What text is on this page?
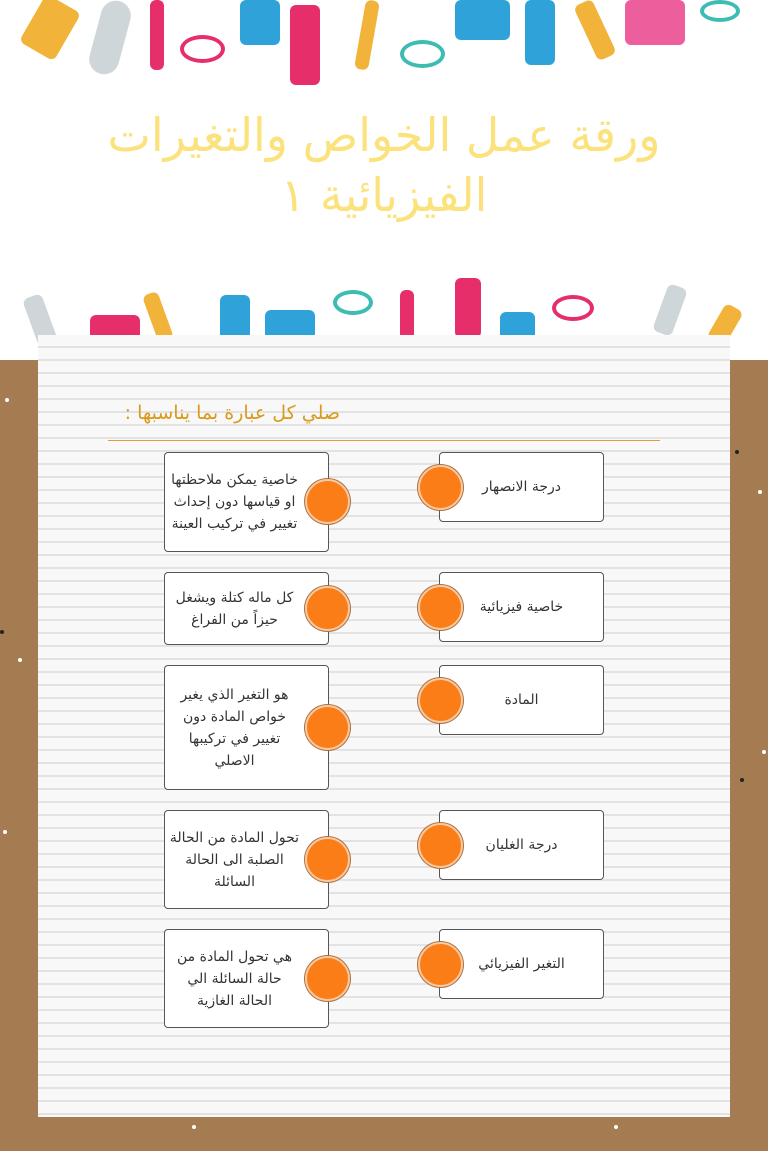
ورقة عمل الخواص والتغيرات الفيزيائية ١
صلي كل عبارة بما يناسبها :
خاصية يمكن ملاحظتها او قياسها دون إحداث تغيير في تركيب العينة
كل ماله كتلة ويشغل حيزاً من الفراغ
هو التغير الذي يغير خواص المادة دون تغيير في تركيبها الاصلي
تحول المادة من الحالة الصلبة الى الحالة السائلة
هي تحول المادة من حالة السائلة الي الحالة الغازية
درجة الانصهار
خاصية فيزيائية
المادة
درجة الغليان
التغير الفيزيائي
